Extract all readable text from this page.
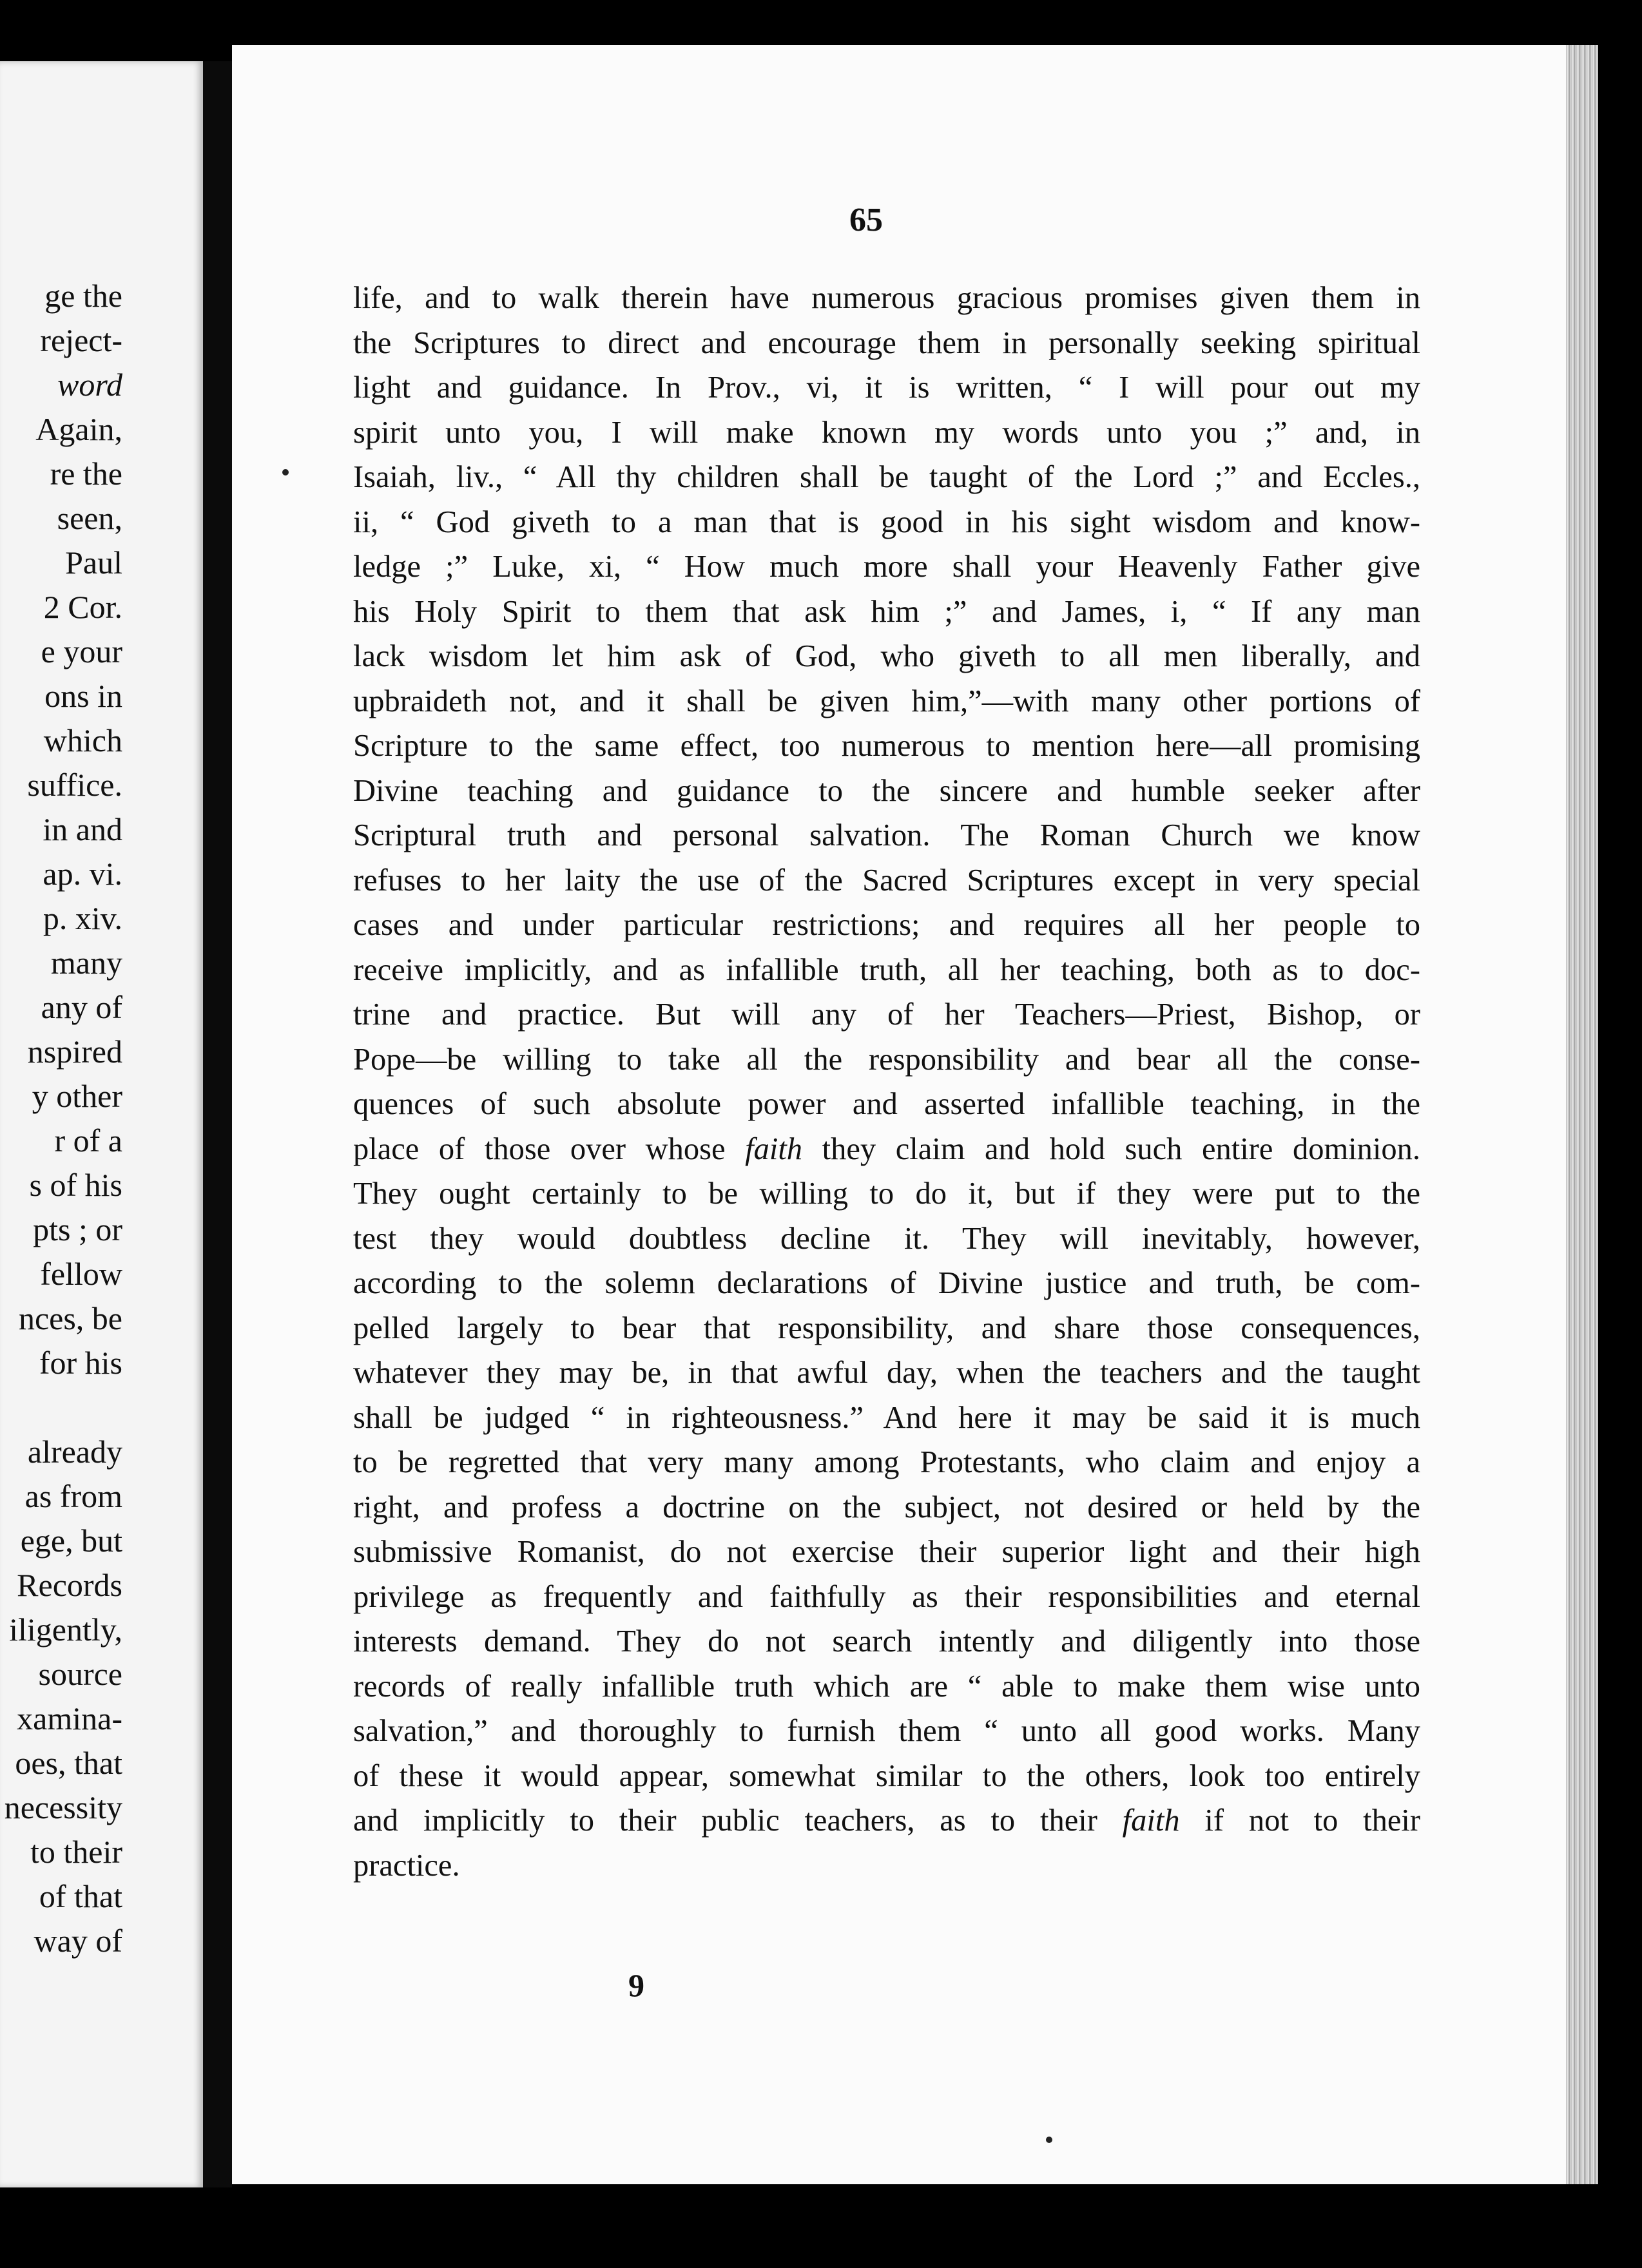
ge the
reject-
word
Again,
re the
seen,
Paul
2 Cor.
e your
ons in
which
suffice.
in and
ap. vi.
p. xiv.
many
any of
nspired
y other
r of a
s of his
pts ; or
fellow
nces, be
for his
already
as from
ege, but
Records
iligently,
source
xamina-
oes, that
necessity
to their
of that
way of
65
life, and to walk therein have numerous gracious promises given them in
the Scriptures to direct and encourage them in personally seeking spiritual
light and guidance. In Prov., vi, it is written, “ I will pour out my
spirit unto you, I will make known my words unto you ;” and, in
Isaiah, liv., “ All thy children shall be taught of the Lord ;” and Eccles.,
ii, “ God giveth to a man that is good in his sight wisdom and know-
ledge ;” Luke, xi, “ How much more shall your Heavenly Father give
his Holy Spirit to them that ask him ;” and James, i, “ If any man
lack wisdom let him ask of God, who giveth to all men liberally, and
upbraideth not, and it shall be given him,”—with many other portions of
Scripture to the same effect, too numerous to mention here—all promising
Divine teaching and guidance to the sincere and humble seeker after
Scriptural truth and personal salvation. The Roman Church we know
refuses to her laity the use of the Sacred Scriptures except in very special
cases and under particular restrictions; and requires all her people to
receive implicitly, and as infallible truth, all her teaching, both as to doc-
trine and practice. But will any of her Teachers—Priest, Bishop, or
Pope—be willing to take all the responsibility and bear all the conse-
quences of such absolute power and asserted infallible teaching, in the
place of those over whose faith they claim and hold such entire dominion.
They ought certainly to be willing to do it, but if they were put to the
test they would doubtless decline it. They will inevitably, however,
according to the solemn declarations of Divine justice and truth, be com-
pelled largely to bear that responsibility, and share those consequences,
whatever they may be, in that awful day, when the teachers and the taught
shall be judged “ in righteousness.” And here it may be said it is much
to be regretted that very many among Protestants, who claim and enjoy a
right, and profess a doctrine on the subject, not desired or held by the
submissive Romanist, do not exercise their superior light and their high
privilege as frequently and faithfully as their responsibilities and eternal
interests demand. They do not search intently and diligently into those
records of really infallible truth which are “ able to make them wise unto
salvation,” and thoroughly to furnish them “ unto all good works. Many
of these it would appear, somewhat similar to the others, look too entirely
and implicitly to their public teachers, as to their faith if not to their
practice.
9
